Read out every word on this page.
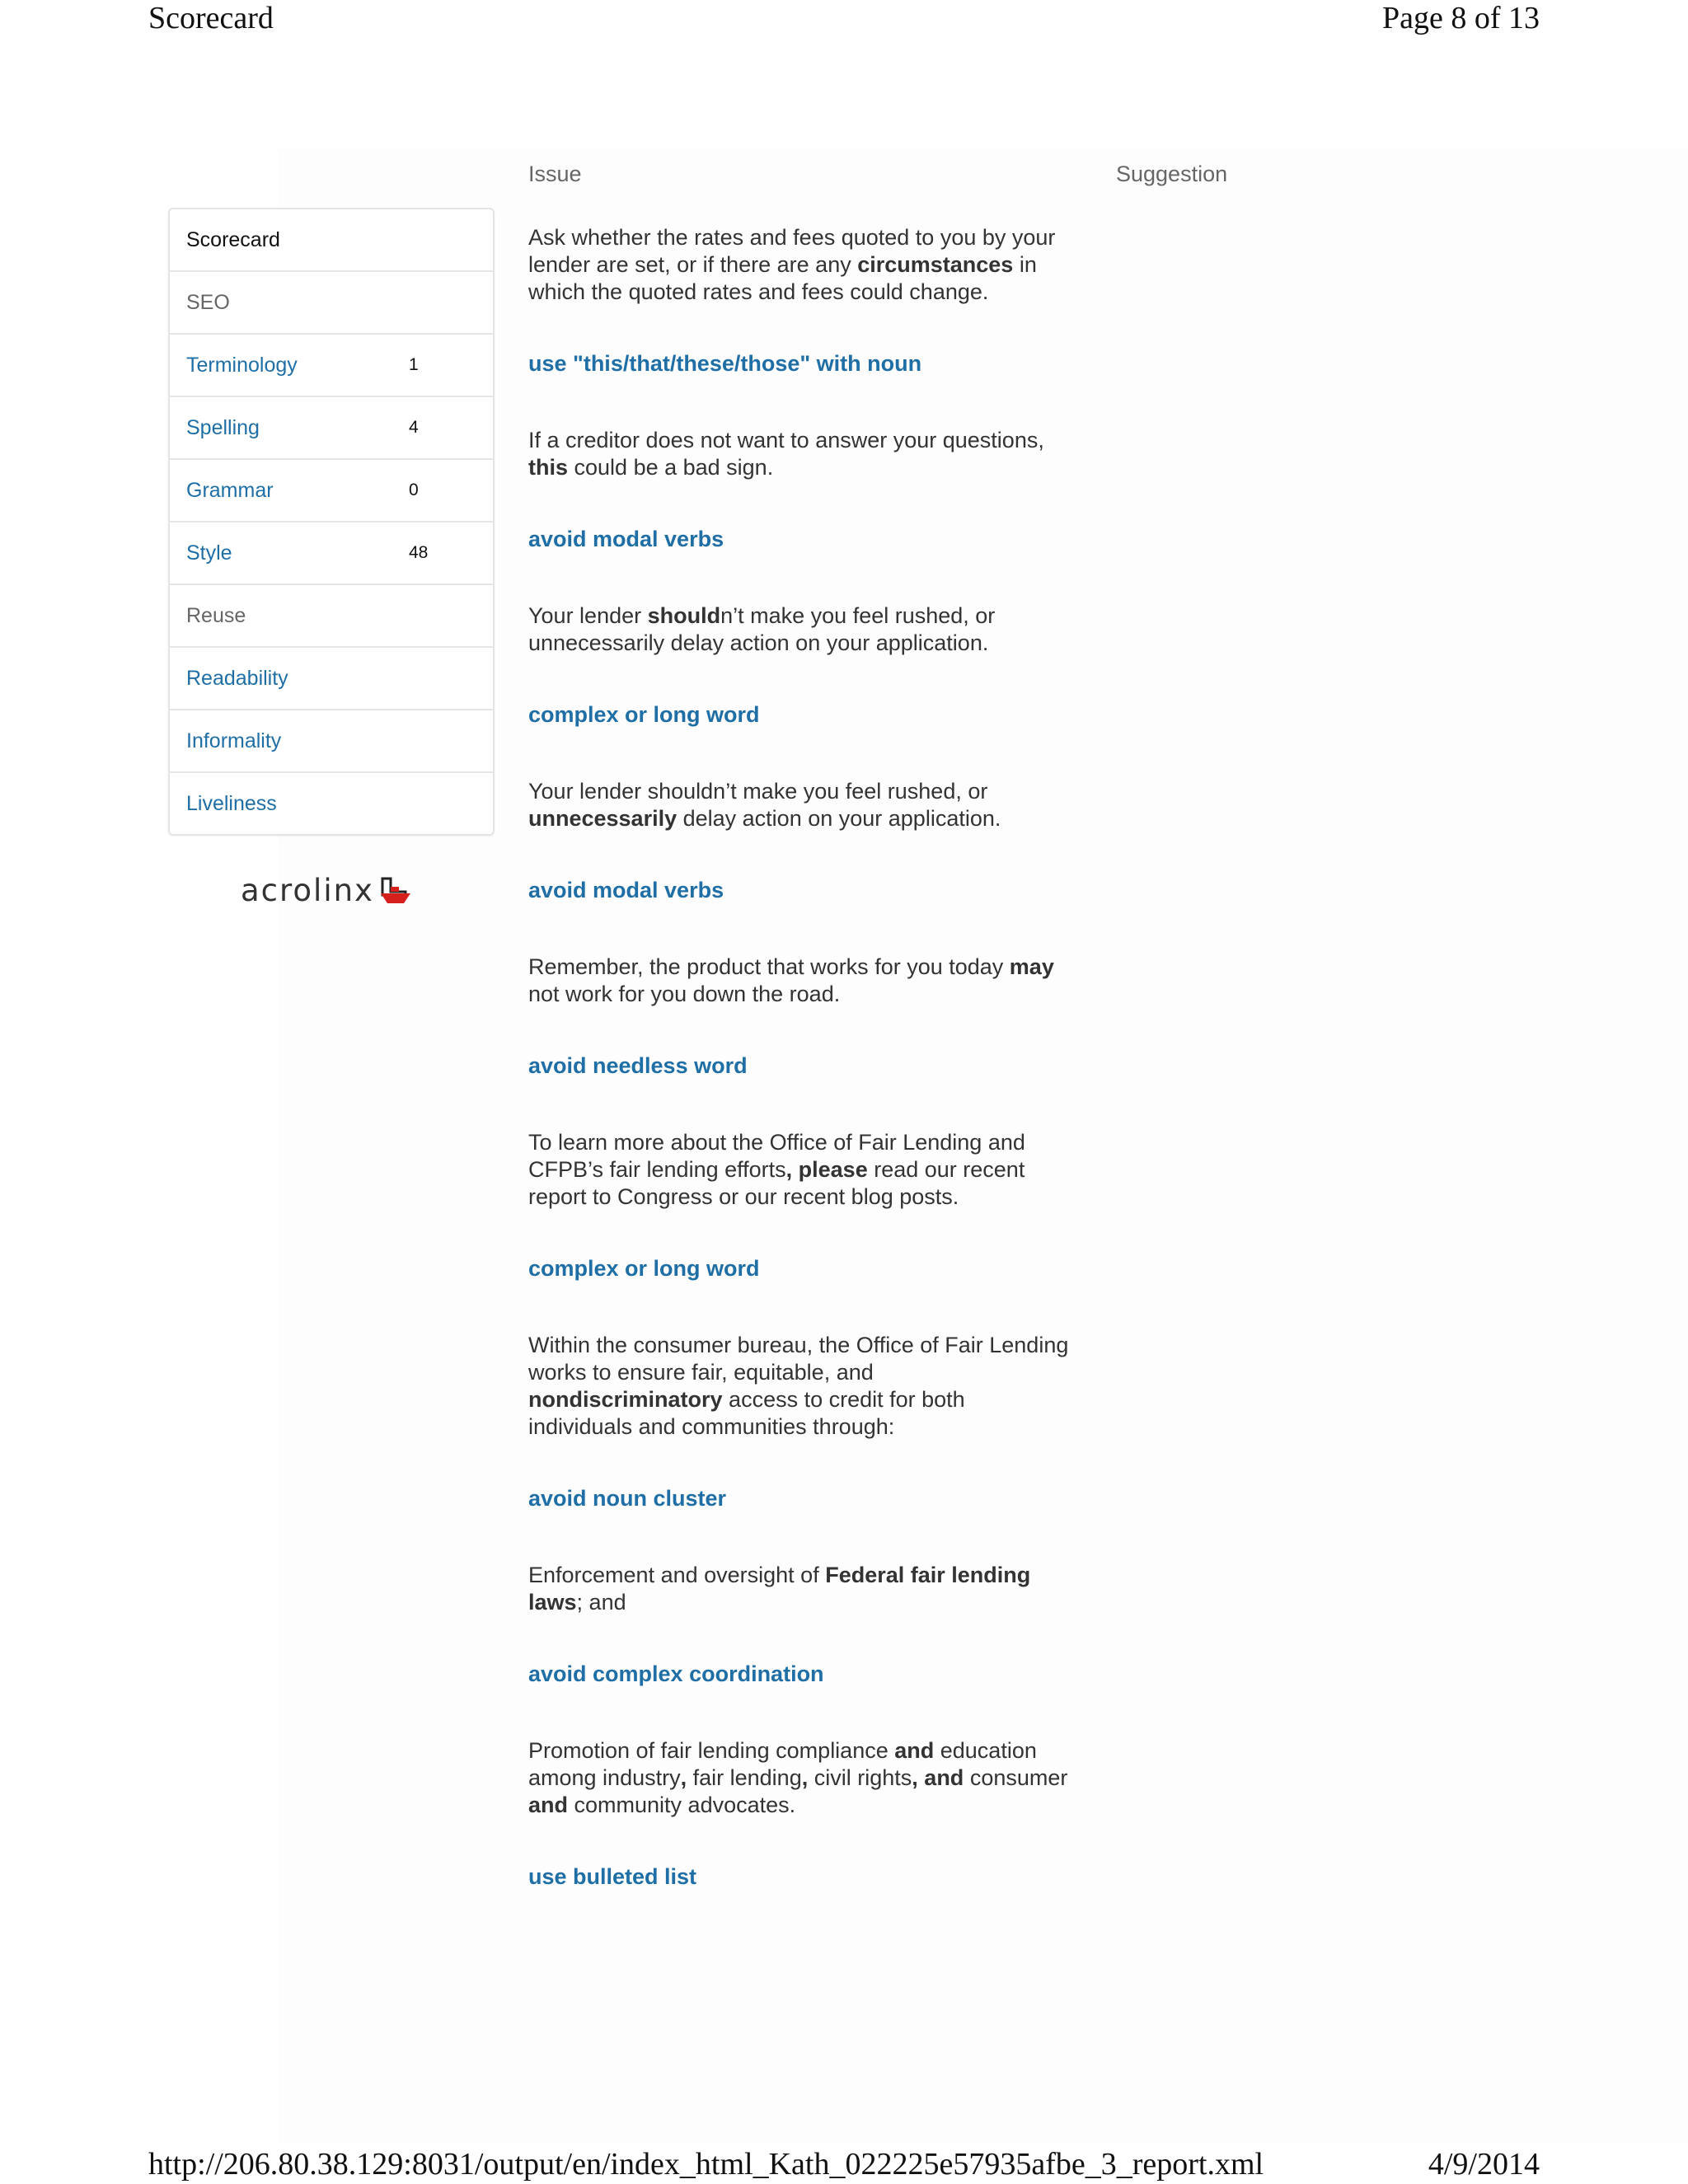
Scorecard	Page 8 of 13
Issue	Suggestion
Scorecard
SEO
Terminology	1
Spelling	4
Grammar	0
Style	48
Reuse
Readability
Informality
Liveliness
acrolinx
Ask whether the rates and fees quoted to you by your lender are set, or if there are any circumstances in which the quoted rates and fees could change.
use "this/that/these/those" with noun
If a creditor does not want to answer your questions, this could be a bad sign.
avoid modal verbs
Your lender shouldn’t make you feel rushed, or unnecessarily delay action on your application.
complex or long word
Your lender shouldn’t make you feel rushed, or unnecessarily delay action on your application.
avoid modal verbs
Remember, the product that works for you today may not work for you down the road.
avoid needless word
To learn more about the Office of Fair Lending and CFPB’s fair lending efforts, please read our recent report to Congress or our recent blog posts.
complex or long word
Within the consumer bureau, the Office of Fair Lending works to ensure fair, equitable, and nondiscriminatory access to credit for both individuals and communities through:
avoid noun cluster
Enforcement and oversight of Federal fair lending laws; and
avoid complex coordination
Promotion of fair lending compliance and education among industry, fair lending, civil rights, and consumer and community advocates.
use bulleted list
http://206.80.38.129:8031/output/en/index_html_Kath_022225e57935afbe_3_report.xml	4/9/2014
